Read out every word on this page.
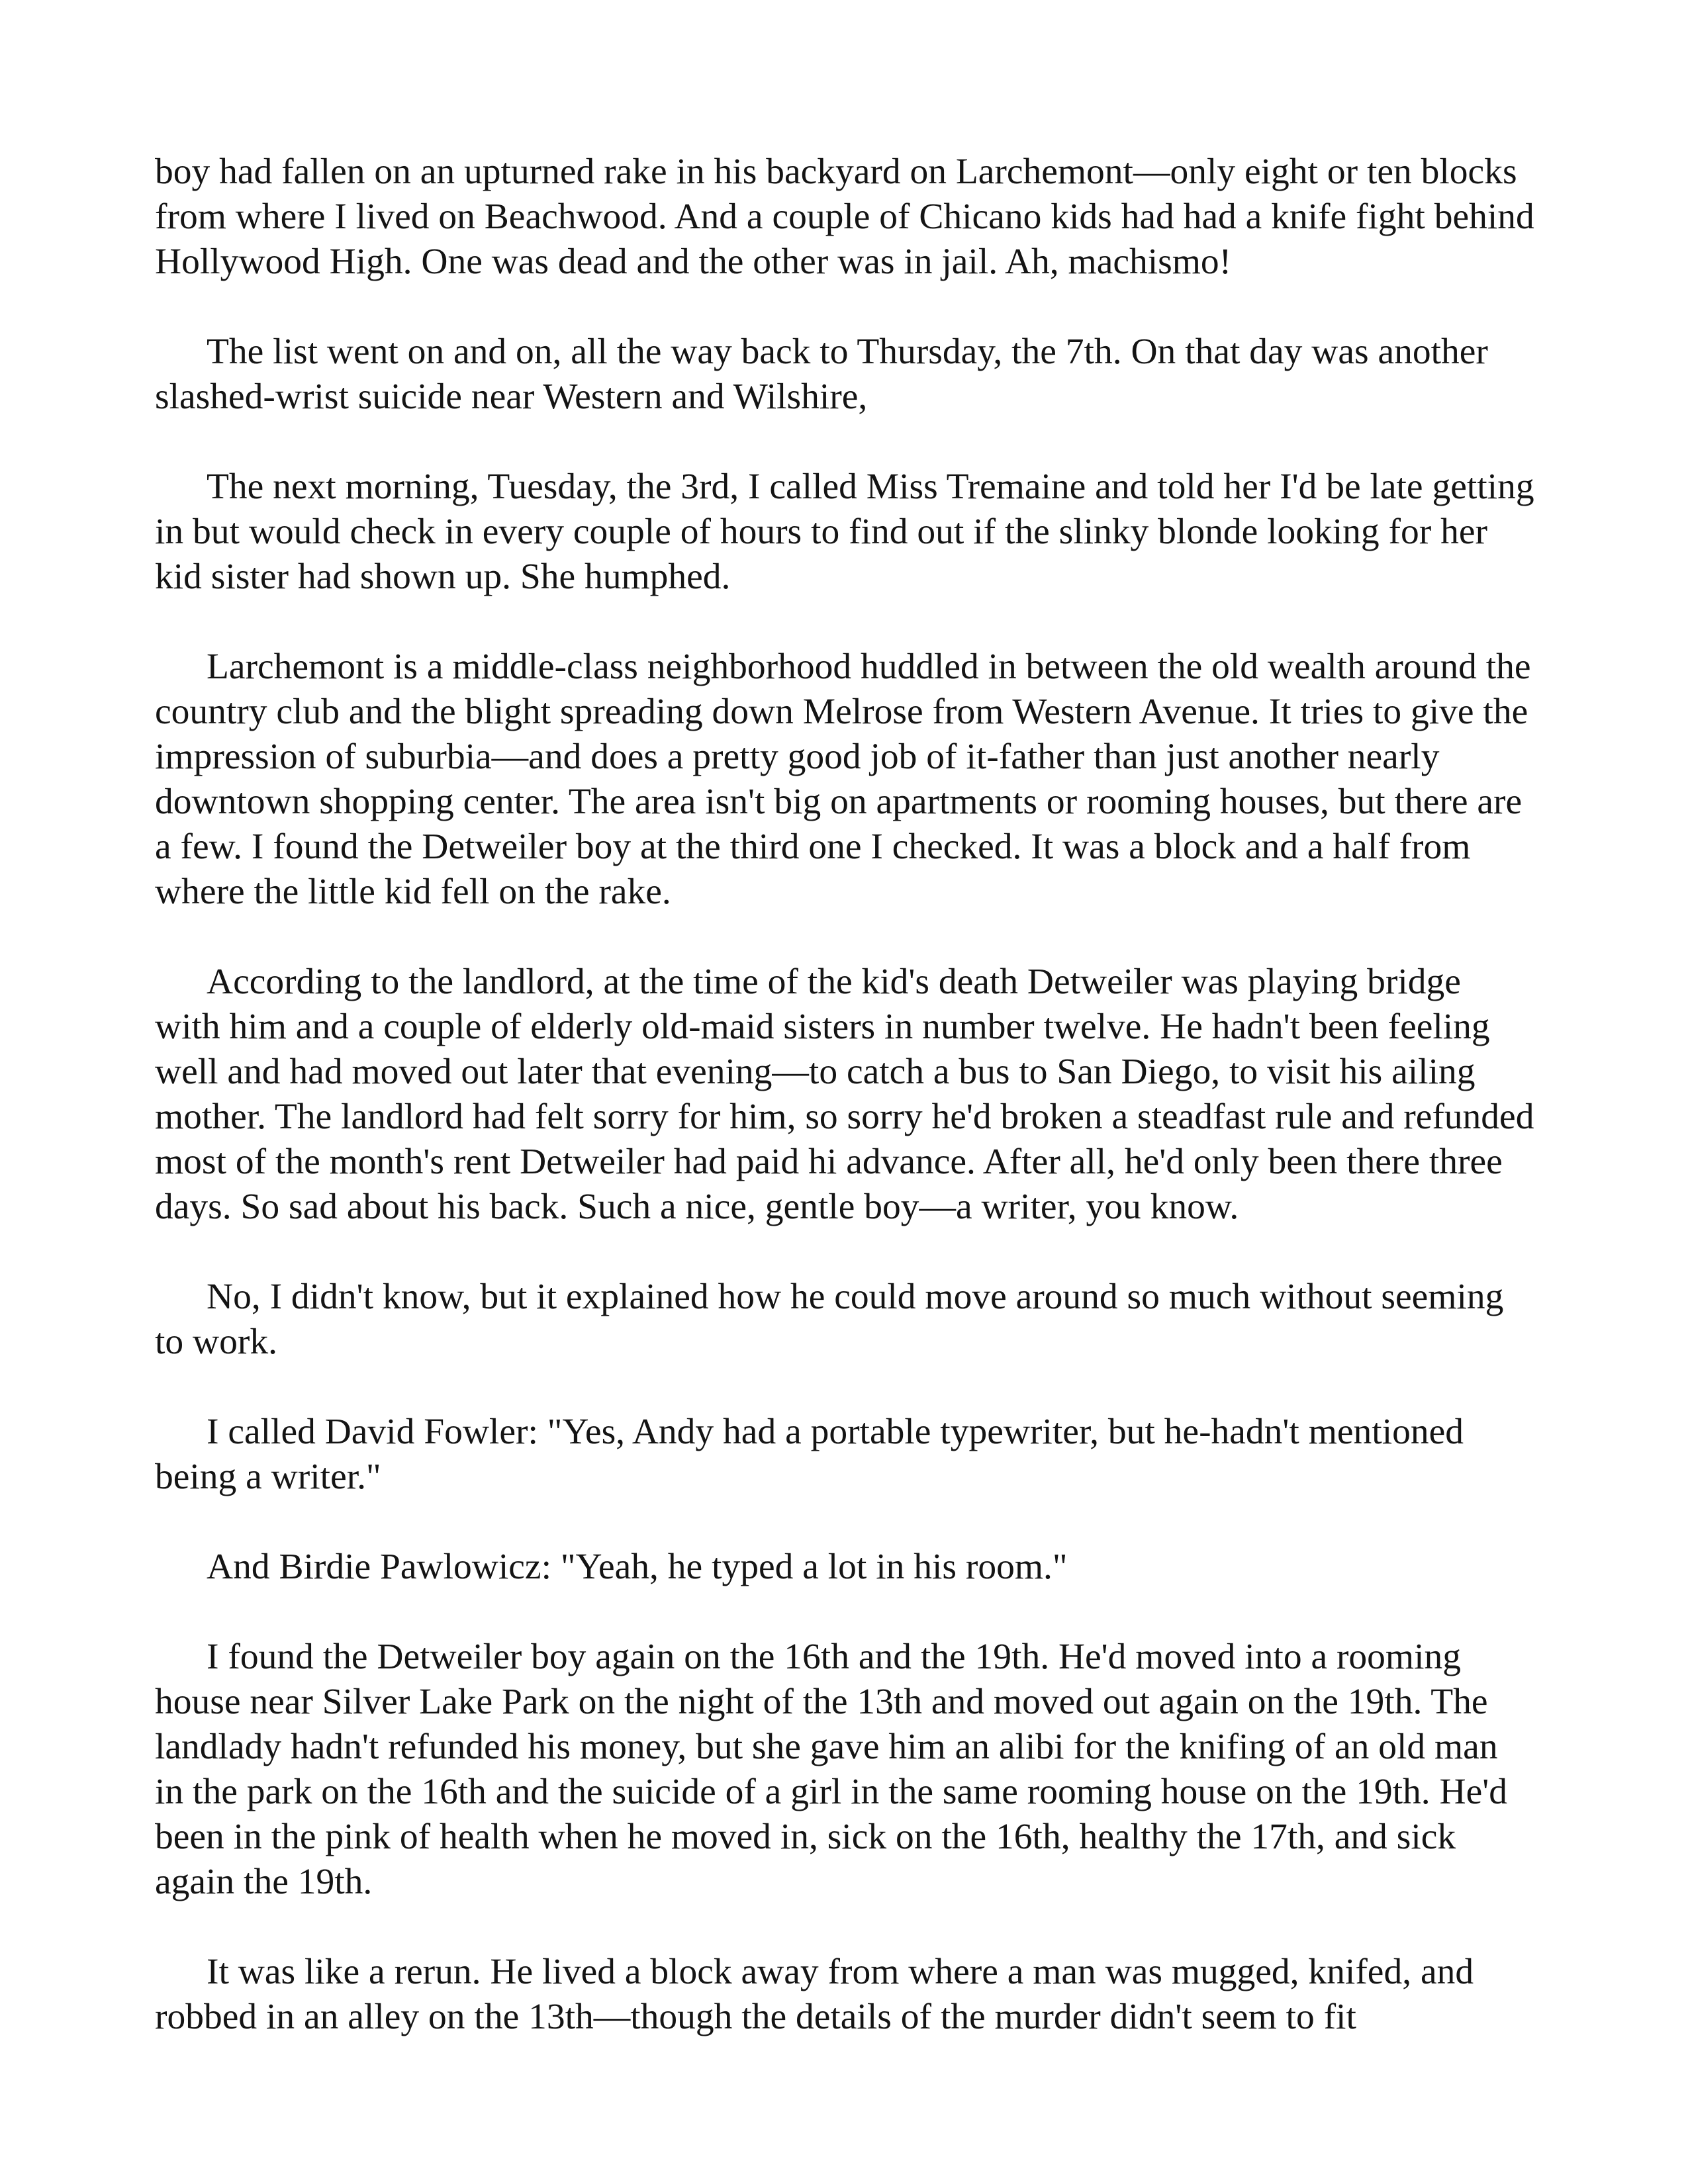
boy had fallen on an upturned rake in his backyard on Larchemont—only eight or ten blocks from where I lived on Beachwood. And a couple of Chicano kids had had a knife fight behind Hollywood High. One was dead and the other was in jail. Ah, machismo!

The list went on and on, all the way back to Thursday, the 7th. On that day was another slashed-wrist suicide near Western and Wilshire,

The next morning, Tuesday, the 3rd, I called Miss Tremaine and told her I'd be late getting in but would check in every couple of hours to find out if the slinky blonde looking for her kid sister had shown up. She humphed.

Larchemont is a middle-class neighborhood huddled in between the old wealth around the country club and the blight spreading down Melrose from Western Avenue. It tries to give the impression of suburbia—and does a pretty good job of it-father than just another nearly downtown shopping center. The area isn't big on apartments or rooming houses, but there are a few. I found the Detweiler boy at the third one I checked. It was a block and a half from where the little kid fell on the rake.

According to the landlord, at the time of the kid's death Detweiler was playing bridge with him and a couple of elderly old-maid sisters in number twelve. He hadn't been feeling well and had moved out later that evening—to catch a bus to San Diego, to visit his ailing mother. The landlord had felt sorry for him, so sorry he'd broken a steadfast rule and refunded most of the month's rent Detweiler had paid hi advance. After all, he'd only been there three days. So sad about his back. Such a nice, gentle boy—a writer, you know.

No, I didn't know, but it explained how he could move around so much without seeming to work.

I called David Fowler: "Yes, Andy had a portable typewriter, but he-hadn't mentioned being a writer."

And Birdie Pawlowicz: "Yeah, he typed a lot in his room."

I found the Detweiler boy again on the 16th and the 19th. He'd moved into a rooming house near Silver Lake Park on the night of the 13th and moved out again on the 19th. The landlady hadn't refunded his money, but she gave him an alibi for the knifing of an old man in the park on the 16th and the suicide of a girl in the same rooming house on the 19th. He'd been in the pink of health when he moved in, sick on the 16th, healthy the 17th, and sick again the 19th.

It was like a rerun. He lived a block away from where a man was mugged, knifed, and robbed in an alley on the 13th—though the details of the murder didn't seem to fit
